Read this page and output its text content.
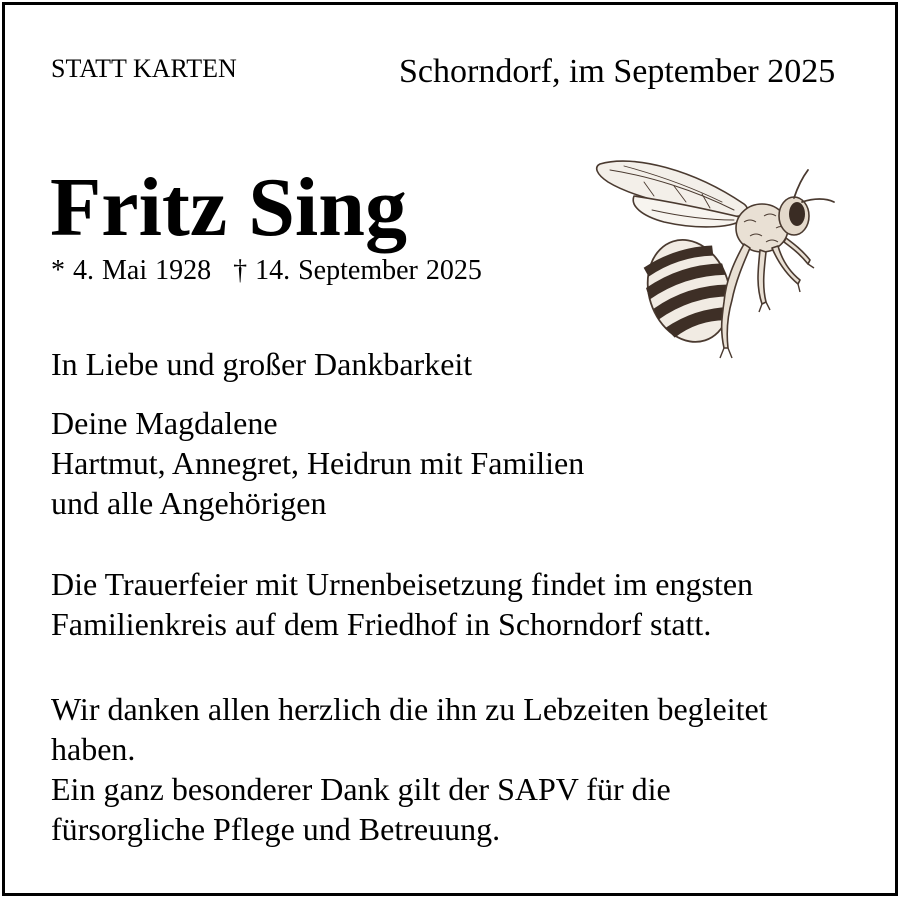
STATT KARTEN	Schorndorf, im September 2025
Fritz Sing
* 4. Mai 1928 † 14. September 2025
In Liebe und großer Dankbarkeit
Deine Magdalene
Hartmut, Annegret, Heidrun mit Familien
und alle Angehörigen
Die Trauerfeier mit Urnenbeisetzung findet im engsten
Familienkreis auf dem Friedhof in Schorndorf statt.
Wir danken allen herzlich die ihn zu Lebzeiten begleitet
haben.
Ein ganz besonderer Dank gilt der SAPV für die
fürsorgliche Pflege und Betreuung.
